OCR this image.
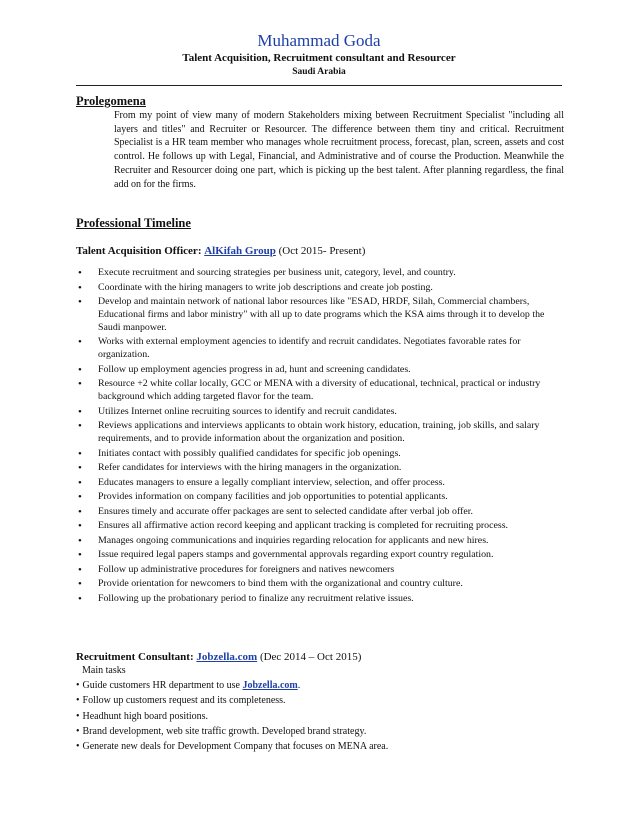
Muhammad Goda
Talent Acquisition, Recruitment consultant and Resourcer
Saudi Arabia
Prolegomena
From my point of view many of modern Stakeholders mixing between Recruitment Specialist "including all layers and titles" and Recruiter or Resourcer. The difference between them tiny and critical. Recruitment Specialist is a HR team member who manages whole recruitment process, forecast, plan, screen, assets and cost control. He follows up with Legal, Financial, and Administrative and of course the Production. Meanwhile the Recruiter and Resourcer doing one part, which is picking up the best talent. After planning regardless, the final add on for the firms.
Professional Timeline
Talent Acquisition Officer: AlKifah Group (Oct 2015- Present)
• Execute recruitment and sourcing strategies per business unit, category, level, and country.
• Coordinate with the hiring managers to write job descriptions and create job posting.
• Develop and maintain network of national labor resources like "ESAD, HRDF, Silah, Commercial chambers, Educational firms and labor ministry" with all up to date programs which the KSA aims through it to develop the Saudi manpower.
• Works with external employment agencies to identify and recruit candidates. Negotiates favorable rates for organization.
• Follow up employment agencies progress in ad, hunt and screening candidates.
• Resource +2 white collar locally, GCC or MENA with a diversity of educational, technical, practical or industry background which adding targeted flavor for the team.
• Utilizes Internet online recruiting sources to identify and recruit candidates.
• Reviews applications and interviews applicants to obtain work history, education, training, job skills, and salary requirements, and to provide information about the organization and position.
• Initiates contact with possibly qualified candidates for specific job openings.
• Refer candidates for interviews with the hiring managers in the organization.
• Educates managers to ensure a legally compliant interview, selection, and offer process.
• Provides information on company facilities and job opportunities to potential applicants.
• Ensures timely and accurate offer packages are sent to selected candidate after verbal job offer.
• Ensures all affirmative action record keeping and applicant tracking is completed for recruiting process.
• Manages ongoing communications and inquiries regarding relocation for applicants and new hires.
• Issue required legal papers stamps and governmental approvals regarding export country regulation.
• Follow up administrative procedures for foreigners and natives newcomers
• Provide orientation for newcomers to bind them with the organizational and country culture.
• Following up the probationary period to finalize any recruitment relative issues.
Recruitment Consultant: Jobzella.com (Dec 2014 – Oct 2015)
Main tasks
• Guide customers HR department to use Jobzella.com.
• Follow up customers request and its completeness.
• Headhunt high board positions.
• Brand development, web site traffic growth. Developed brand strategy.
• Generate new deals for Development Company that focuses on MENA area.
